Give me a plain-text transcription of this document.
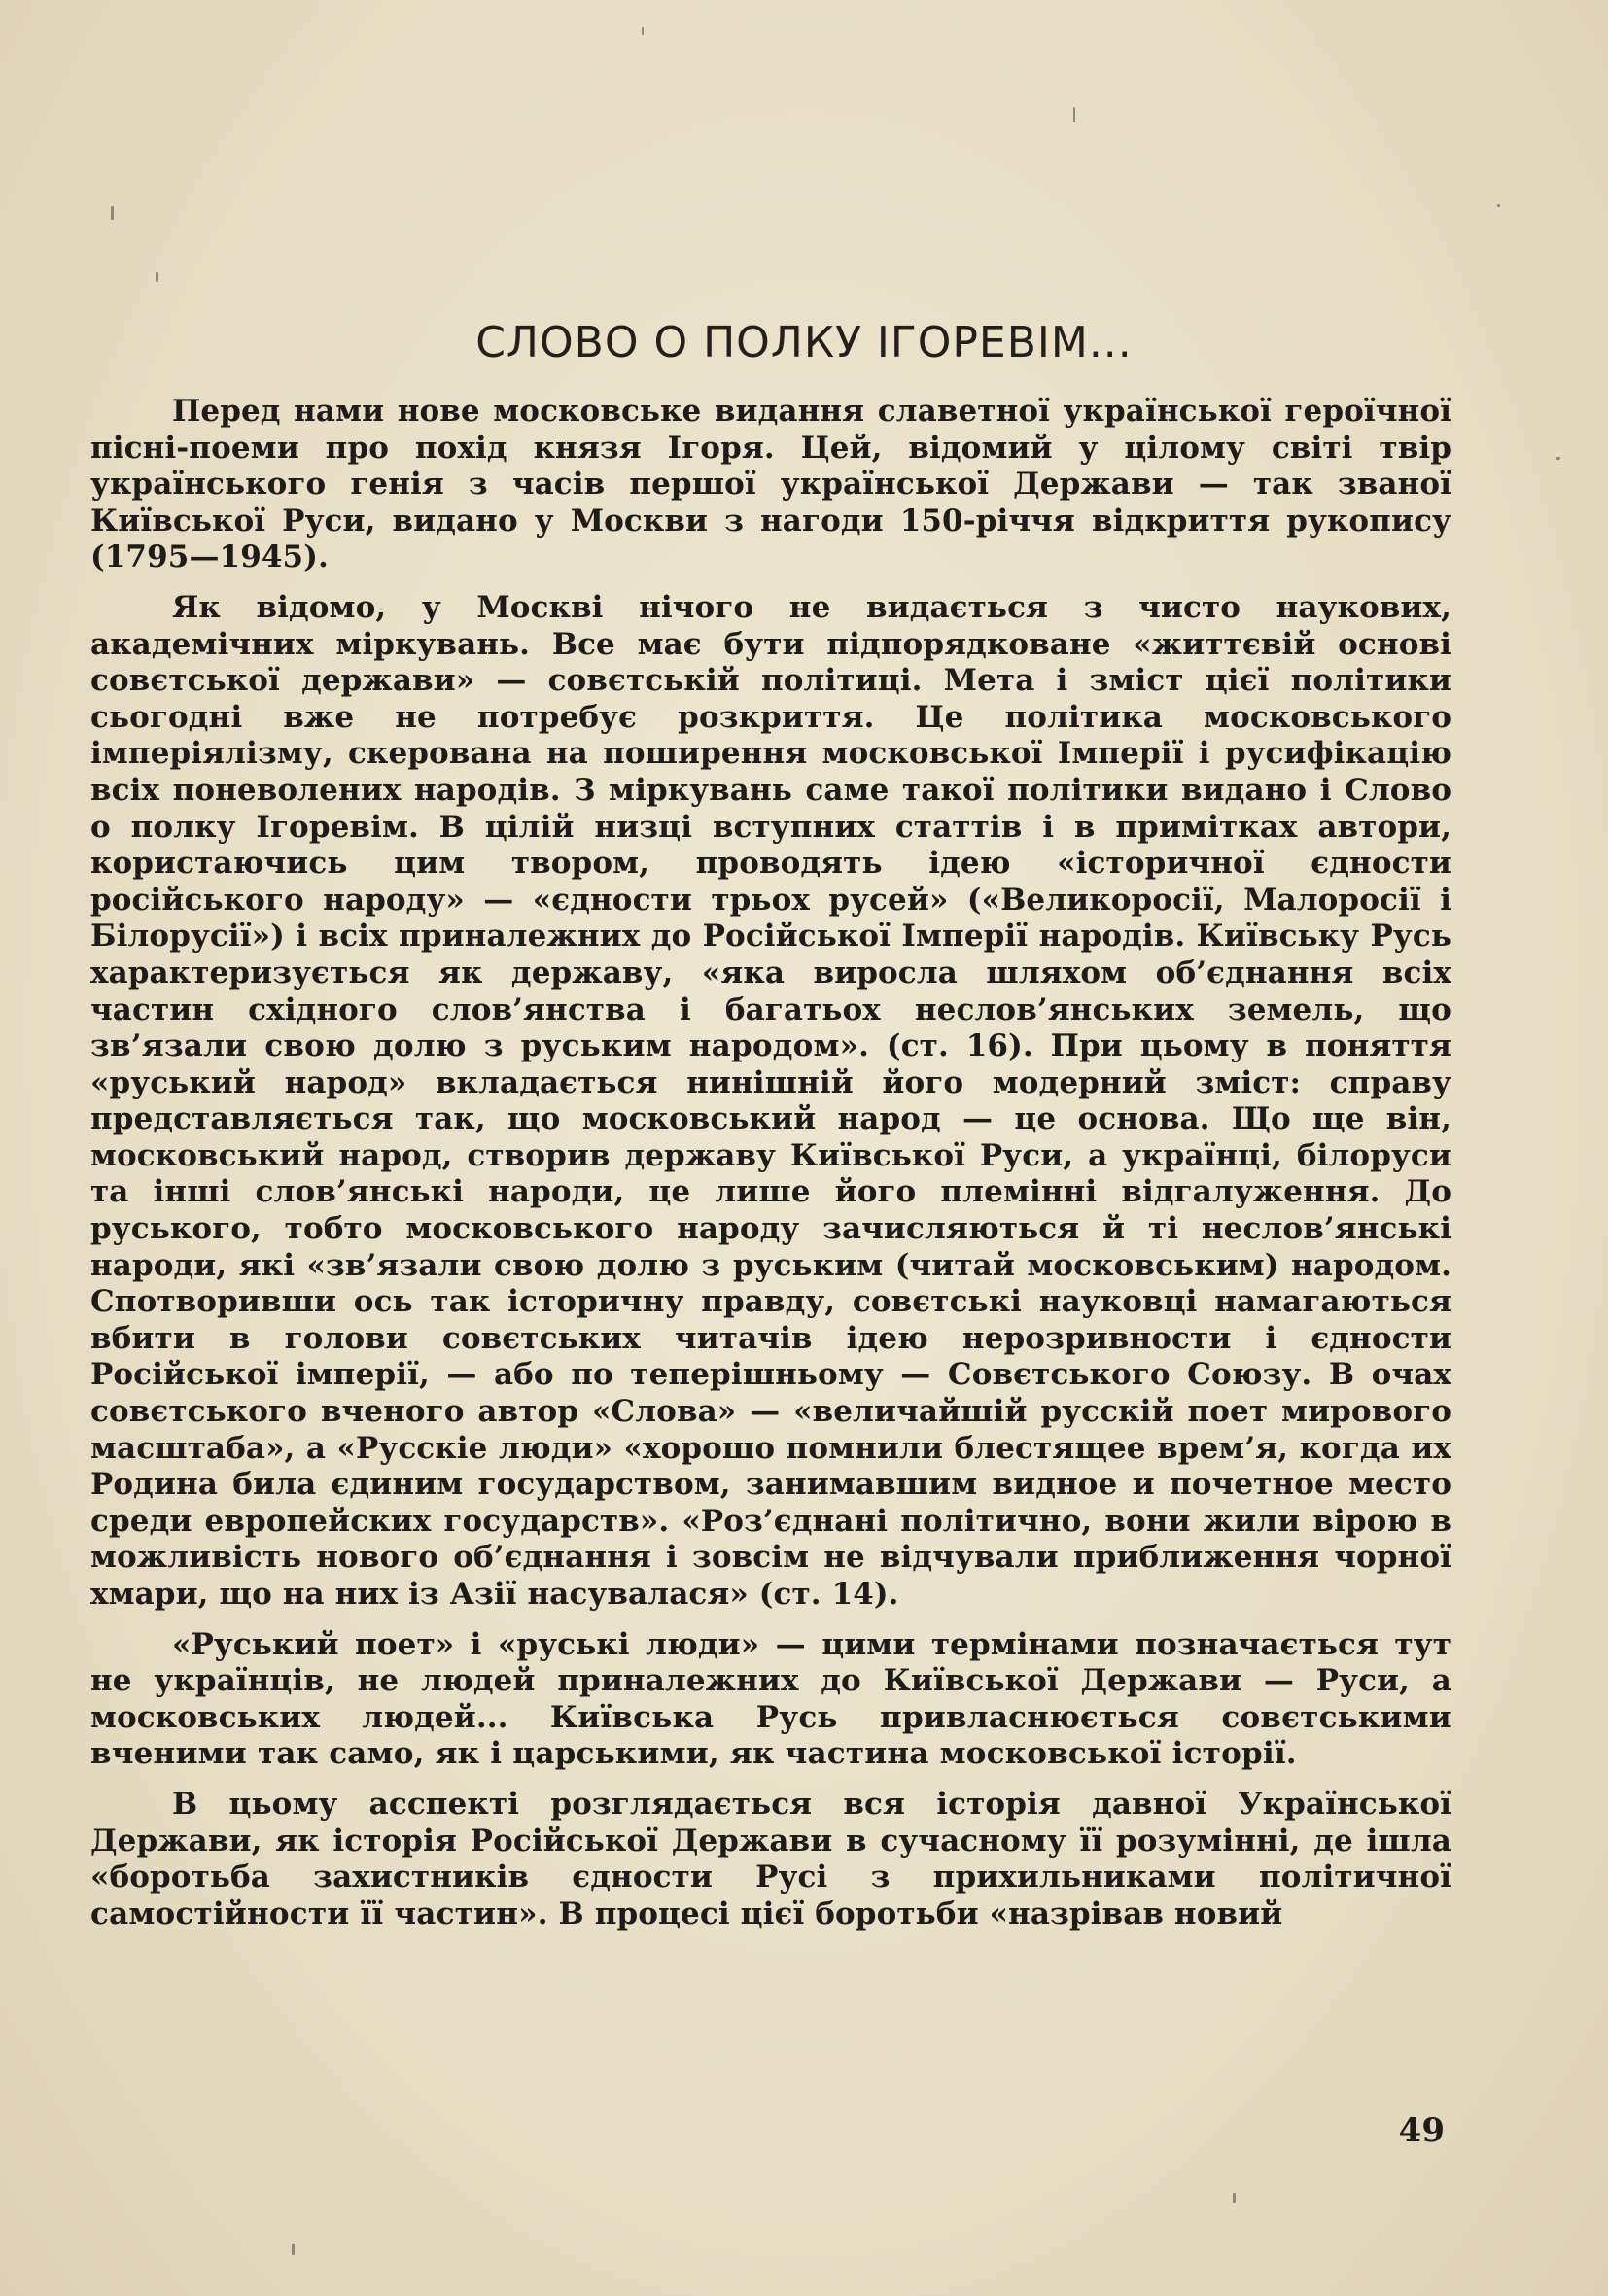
СЛОВО О ПОЛКУ ІГОРЕВІМ...

Перед нами нове московське видання славетної української героїчної пісні-поеми про похід князя Ігоря. Цей, відомий у цілому світі твір українського генія з часів першої української Держави — так званої Київської Руси, видано у Москви з нагоди 150-річчя відкриття рукопису (1795—1945).

Як відомо, у Москві нічого не видається з чисто наукових, академічних міркувань. Все має бути підпорядковане «життєвій основі совєтської держави» — совєтській політиці. Мета і зміст цієї політики сьогодні вже не потребує розкриття. Це політика московського імперіялізму, скерована на поширення московської Імперії і русифікацію всіх поневолених народів. З міркувань саме такої політики видано і Слово о полку Ігоревім. В цілій низці вступних статтів і в примітках автори, користаючись цим твором, проводять ідею «історичної єдности російського народу» — «єдности трьох русей» («Великоросії, Малоросії і Білорусії») і всіх приналежних до Російської Імперії народів. Київську Русь характеризується як державу, «яка виросла шляхом об’єднання всіх частин східного слов’янства і багатьох неслов’янських земель, що зв’язали свою долю з руським народом». (ст. 16). При цьому в поняття «руський народ» вкладається нинішній його модерний зміст: справу представляється так, що московський народ — це основа. Що ще він, московський народ, створив державу Київської Руси, а українці, білоруси та інші слов’янські народи, це лише його племінні відгалуження. До руського, тобто московського народу зачисляються й ті неслов’янські народи, які «зв’язали свою долю з руським (читай московським) народом. Спотворивши ось так історичну правду, совєтські науковці намагаються вбити в голови совєтських читачів ідею нерозривности і єдности Російської імперії, — або по теперішньому — Совєтського Союзу. В очах совєтського вченого автор «Слова» — «величайшій русскій поет мирового масштаба», а «Русскіе люди» «хорошо помнили блестящее врем’я, когда их Родина била єдиним государством, занимавшим видное и почетное место среди европейских государств». «Роз’єднані політично, вони жили вірою в можливість нового об’єднання і зовсім не відчували приближення чорної хмари, що на них із Азії насувалася» (ст. 14).

«Руський поет» і «руські люди» — цими термінами позначається тут не українців, не людей приналежних до Київської Держави — Руси, а московських людей... Київська Русь привласнюється совєтськими вченими так само, як і царськими, як частина московської історії.

В цьому асспекті розглядається вся історія давної Української Держави, як історія Російської Держави в сучасному її розумінні, де ішла «боротьба захистників єдности Русі з прихильниками політичної самостійности її частин». В процесі цієї боротьби «назрівав новий

49
